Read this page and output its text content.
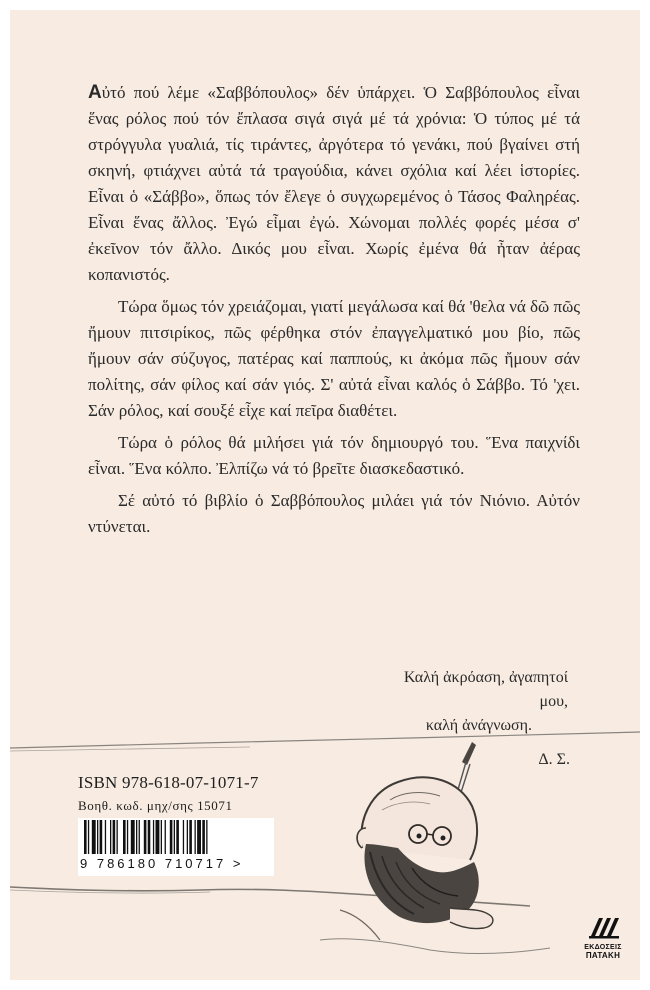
Αὐτό πού λέμε «Σαββόπουλος» δέν ὑπάρχει. Ὁ Σαββόπουλος εἶναι ἕνας ρόλος πού τόν ἔπλασα σιγά σιγά μέ τά χρόνια: Ὁ τύπος μέ τά στρόγγυλα γυαλιά, τίς τιράντες, ἀργότερα τό γενάκι, πού βγαίνει στή σκηνή, φτιάχνει αὐτά τά τραγούδια, κάνει σχόλια καί λέει ἱστορίες. Εἶναι ὁ «Σάββο», ὅπως τόν ἔλεγε ὁ συγχωρεμένος ὁ Τάσος Φαληρέας. Εἶναι ἕνας ἄλλος. Ἐγώ εἶμαι ἐγώ. Χώνομαι πολλές φορές μέσα σ' ἐκεῖνον τόν ἄλλο. Δικός μου εἶναι. Χωρίς ἐμένα θά ἦταν ἀέρας κοπανιστός.

Τώρα ὅμως τόν χρειάζομαι, γιατί μεγάλωσα καί θά 'θελα νά δῶ πῶς ἤμουν πιτσιρίκος, πῶς φέρθηκα στόν ἐπαγγελματικό μου βίο, πῶς ἤμουν σάν σύζυγος, πατέρας καί παππούς, κι ἀκόμα πῶς ἤμουν σάν πολίτης, σάν φίλος καί σάν γιός. Σ' αὐτά εἶναι καλός ὁ Σάββο. Τό 'χει. Σάν ρόλος, καί σουξέ εἶχε καί πεῖρα διαθέτει.

Τώρα ὁ ρόλος θά μιλήσει γιά τόν δημιουργό του. Ἕνα παιχνίδι εἶναι. Ἕνα κόλπο. Ἐλπίζω νά τό βρεῖτε διασκεδαστικό.

Σέ αὐτό τό βιβλίο ὁ Σαββόπουλος μιλάει γιά τόν Νιόνιο. Αὐτόν ντύνεται.

Καλή ἀκρόαση, ἀγαπητοί μου,
καλή ἀνάγνωση.
Δ. Σ.
ISBN 978-618-07-1071-7
Βοηθ. κωδ. μηχ/σης 15071
9 786180 710717 >
ΕΚΔΟΣΕΙΣ
ΠΑΤΑΚΗ
